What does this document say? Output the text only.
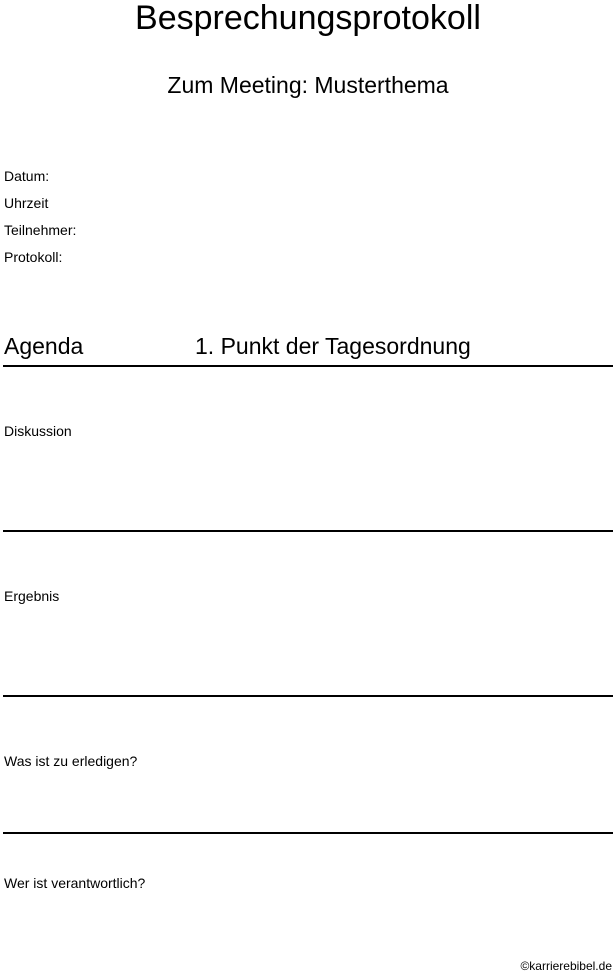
Besprechungsprotokoll
Zum Meeting: Musterthema
Datum:
Uhrzeit
Teilnehmer:
Protokoll:
Agenda	1. Punkt der Tagesordnung
Diskussion
Ergebnis
Was ist zu erledigen?
Wer ist verantwortlich?
©karrierebibel.de
